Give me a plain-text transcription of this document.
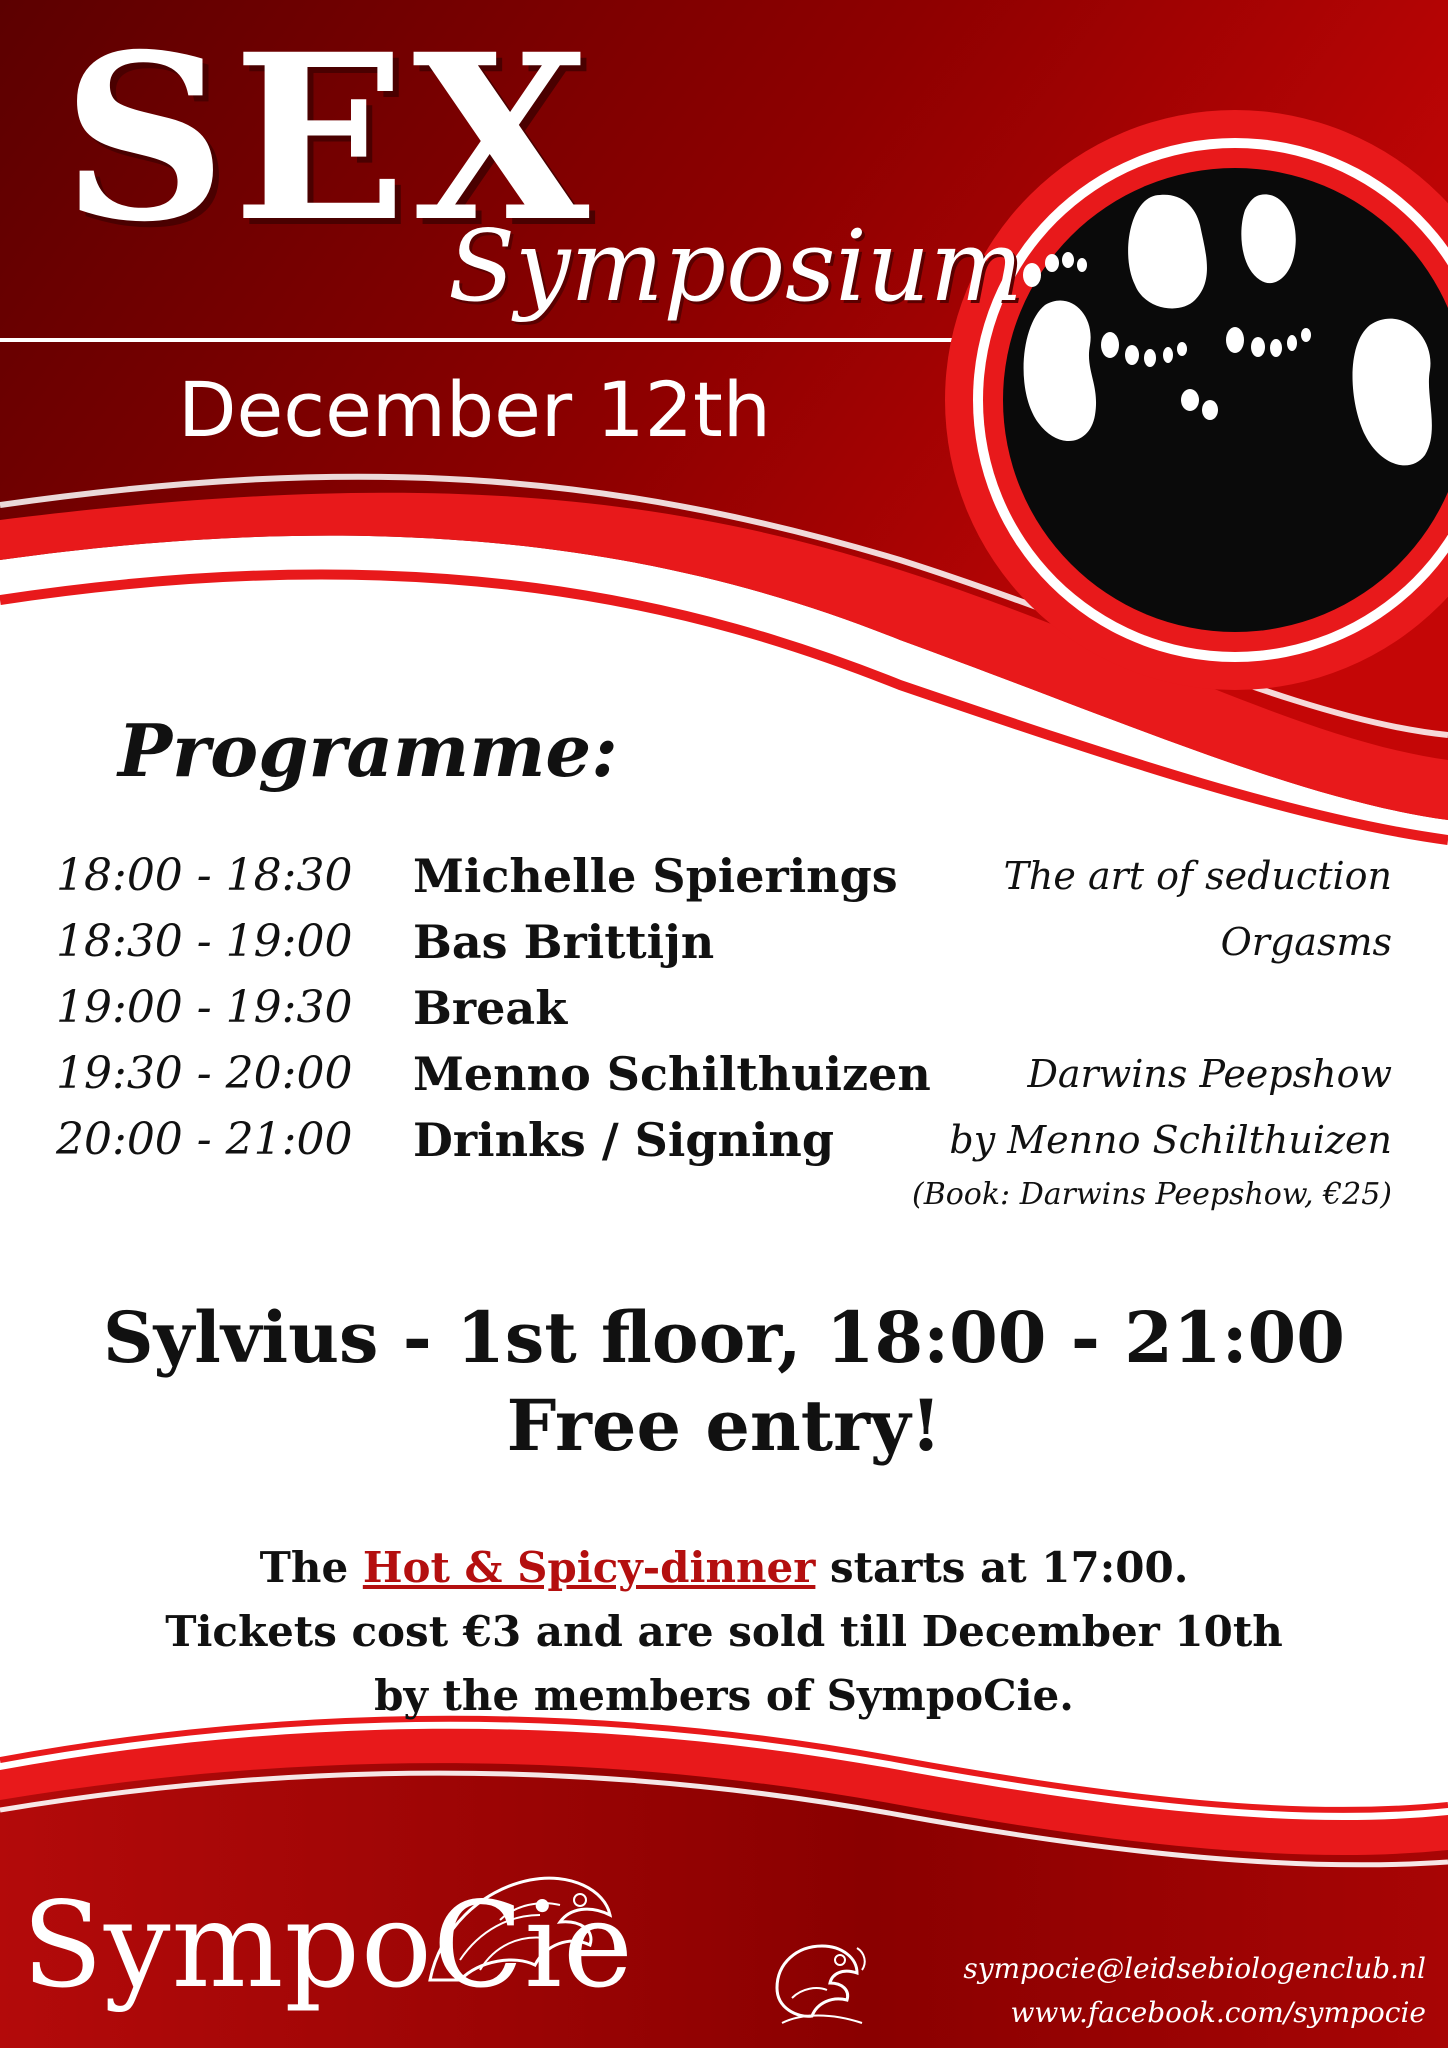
SEX
Symposium
December 12th
Programme:
18:00 - 18:30 Michelle Spierings	The art of seduction
18:30 - 19:00 Bas Brittijn	Orgasms
19:00 - 19:30 Break
19:30 - 20:00 Menno Schilthuizen	Darwins Peepshow
20:00 - 21:00 Drinks / Signing	by Menno Schilthuizen
(Book: Darwins Peepshow, €25)
Sylvius - 1st floor, 18:00 - 21:00
Free entry!
The Hot & Spicy-dinner starts at 17:00.
Tickets cost €3 and are sold till December 10th
by the members of SympoCie.
SympoCie	sympocie@leidsebiologenclub.nl
www.facebook.com/sympocie
